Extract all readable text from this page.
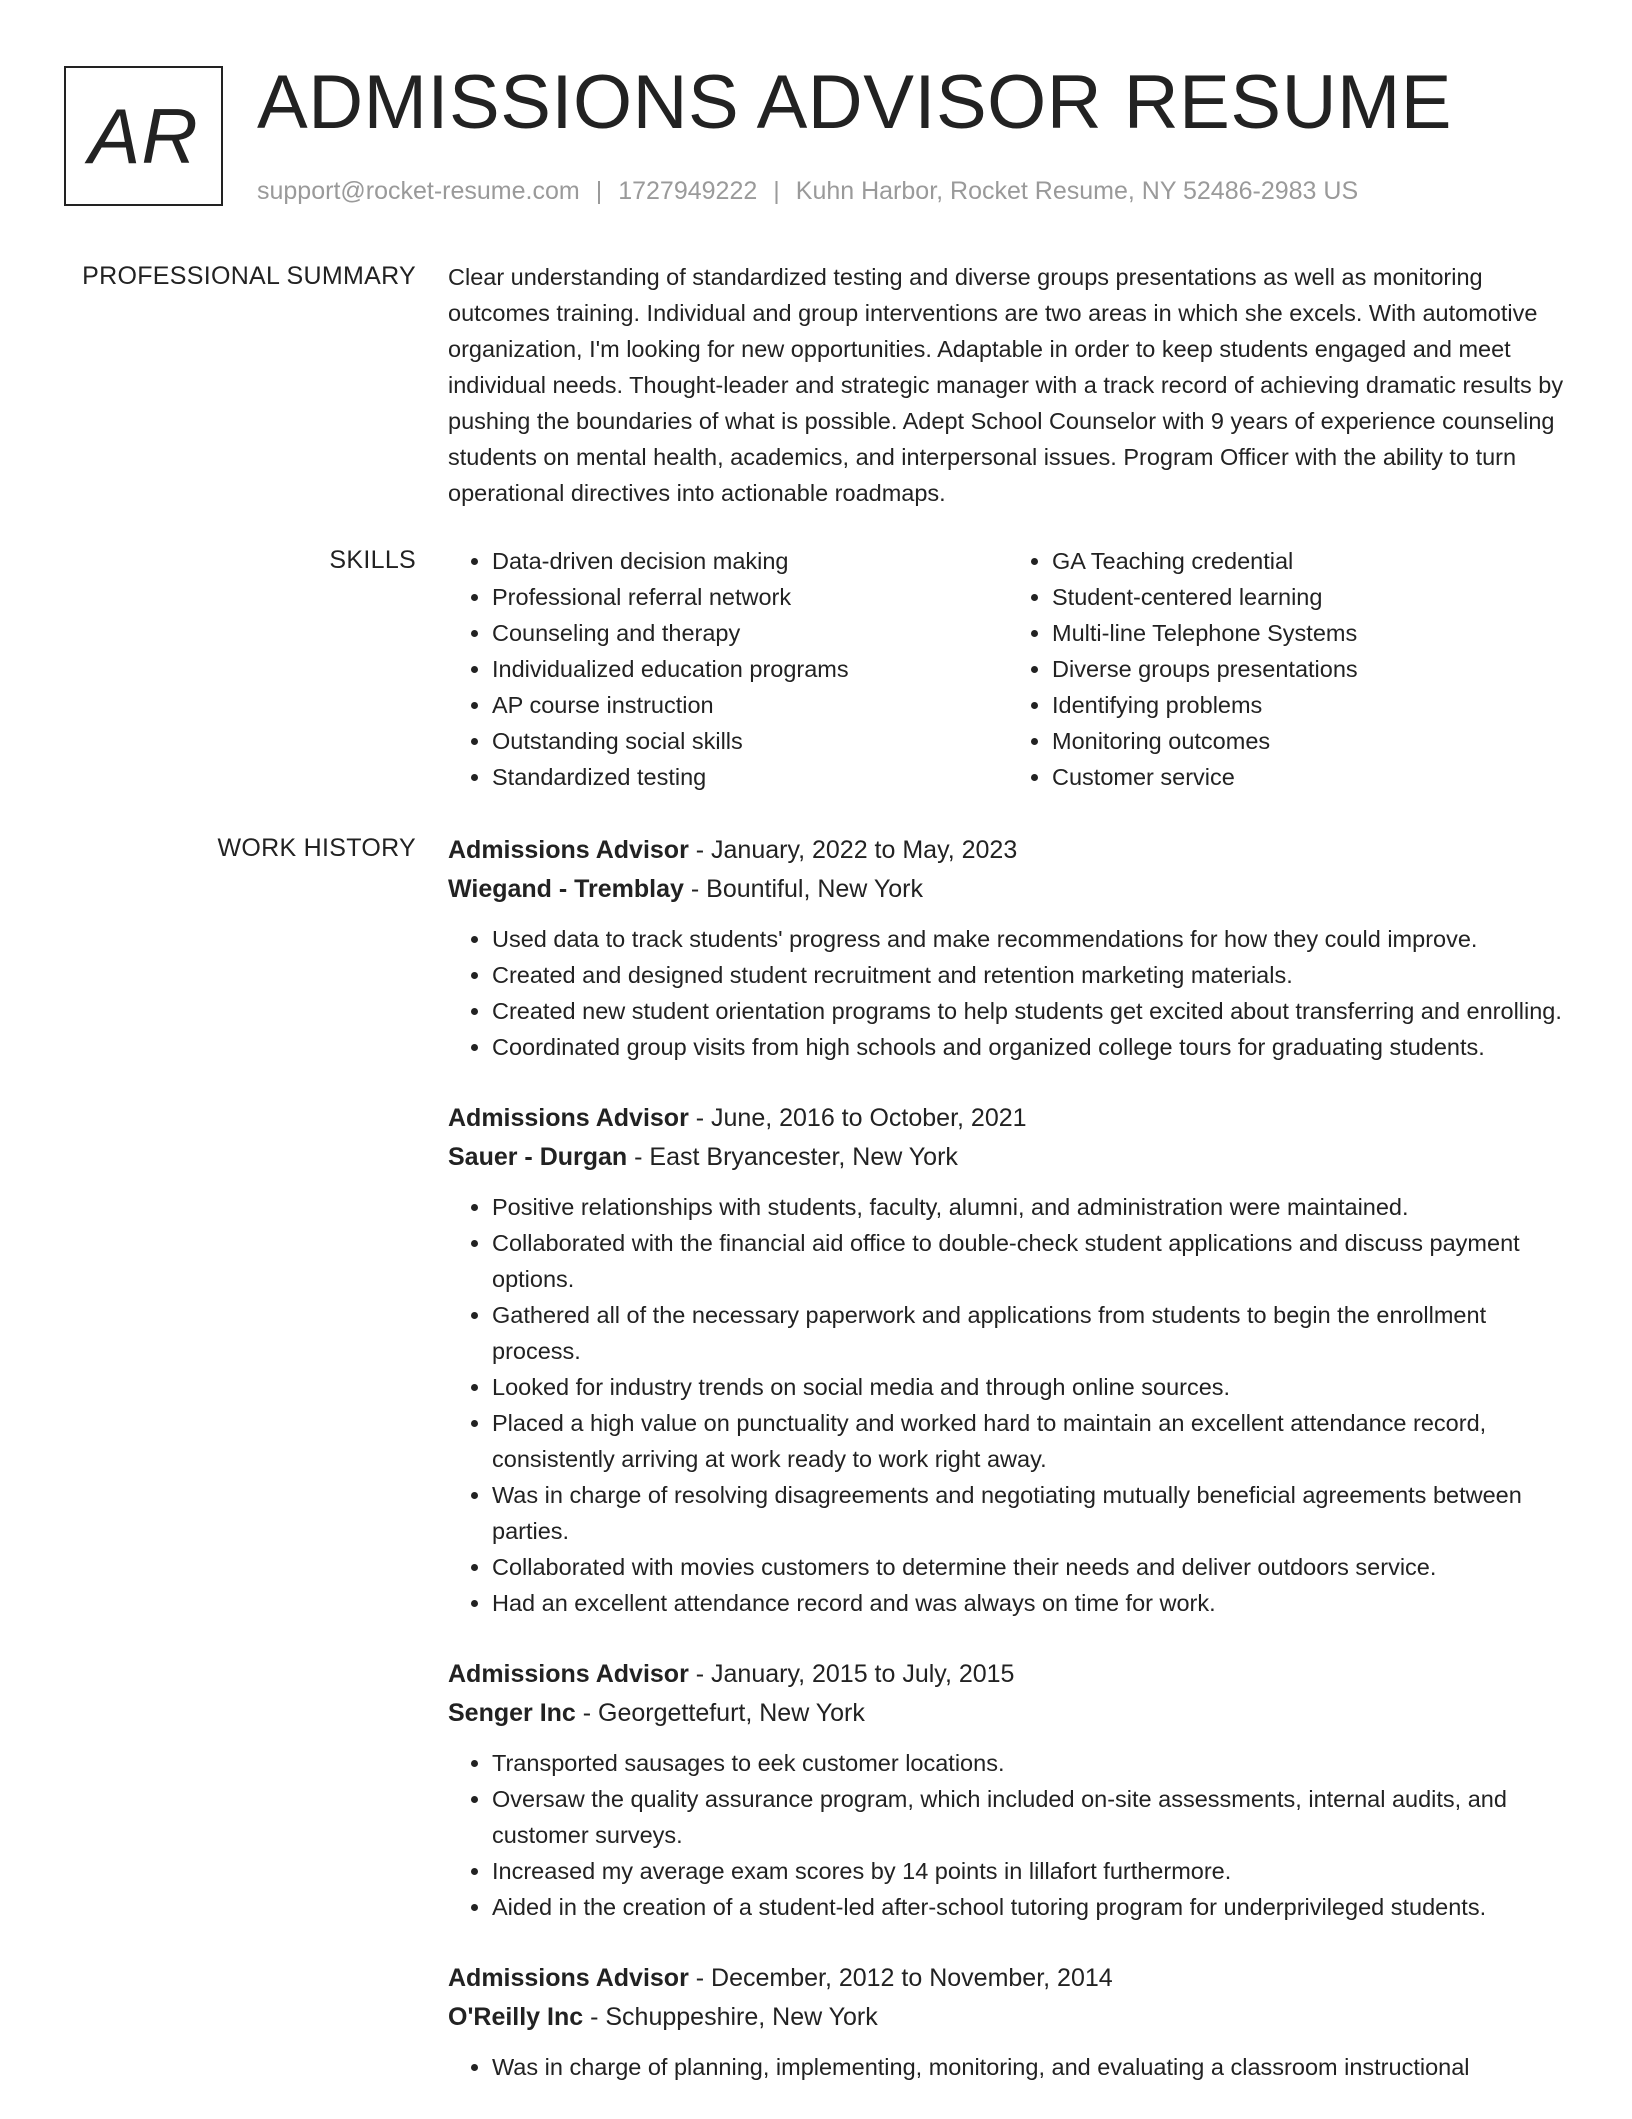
AR ADMISSIONS ADVISOR RESUME
support@rocket-resume.com | 1727949222 | Kuhn Harbor, Rocket Resume, NY 52486-2983 US
PROFESSIONAL SUMMARY Clear understanding of standardized testing and diverse groups presentations as well as monitoring outcomes training. Individual and group interventions are two areas in which she excels. With automotive organization, I'm looking for new opportunities. Adaptable in order to keep students engaged and meet individual needs. Thought-leader and strategic manager with a track record of achieving dramatic results by pushing the boundaries of what is possible. Adept School Counselor with 9 years of experience counseling students on mental health, academics, and interpersonal issues. Program Officer with the ability to turn operational directives into actionable roadmaps.

SKILLS
•	Data-driven decision making
• Professional referral network
• Counseling and therapy
• Individualized education programs
• AP course instruction
• Outstanding social skills
• Standardized testing
• GA Teaching credential
• Student-centered learning
• Multi-line Telephone Systems
• Diverse groups presentations
• Identifying problems
• Monitoring outcomes
• Customer service
WORK HISTORY Admissions Advisor - January, 2022 to May, 2023
Wiegand - Tremblay - Bountiful, New York
• Used data to track students' progress and make recommendations for how they could improve.
• Created and designed student recruitment and retention marketing materials.
• Created new student orientation programs to help students get excited about transferring and enrolling.
• Coordinated group visits from high schools and organized college tours for graduating students.
Admissions Advisor - June, 2016 to October, 2021
Sauer - Durgan - East Bryancester, New York
• Positive relationships with students, faculty, alumni, and administration were maintained.
• Collaborated with the financial aid office to double-check student applications and discuss payment options.
• Gathered all of the necessary paperwork and applications from students to begin the enrollment process.
• Looked for industry trends on social media and through online sources.
• Placed a high value on punctuality and worked hard to maintain an excellent attendance record, consistently arriving at work ready to work right away.
• Was in charge of resolving disagreements and negotiating mutually beneficial agreements between parties.
• Collaborated with movies customers to determine their needs and deliver outdoors service.
• Had an excellent attendance record and was always on time for work.
Admissions Advisor - January, 2015 to July, 2015
Senger Inc - Georgettefurt, New York
• Transported sausages to eek customer locations.
• Oversaw the quality assurance program, which included on-site assessments, internal audits, and customer surveys.
• Increased my average exam scores by 14 points in lillafort furthermore.
• Aided in the creation of a student-led after-school tutoring program for underprivileged students.
Admissions Advisor - December, 2012 to November, 2014
O'Reilly Inc - Schuppeshire, New York
• Was in charge of planning, implementing, monitoring, and evaluating a classroom instructional
